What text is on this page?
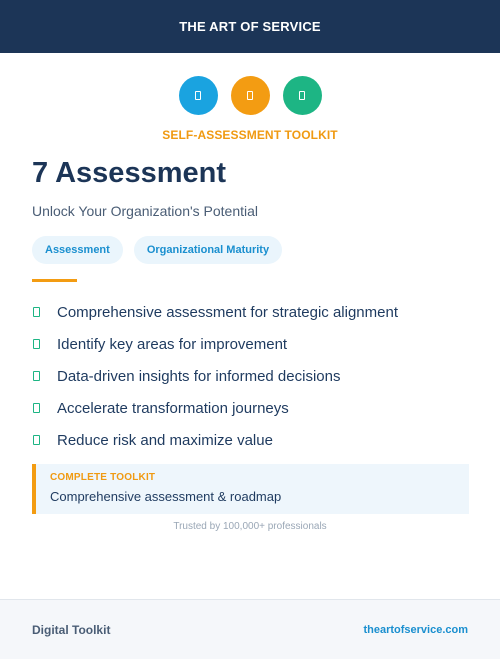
THE ART OF SERVICE
SELF-ASSESSMENT TOOLKIT
7 Assessment

Unlock Your Organization's Potential

Assessment	Organizational Maturity
Comprehensive assessment for strategic alignment
Identify key areas for improvement
Data-driven insights for informed decisions
Accelerate transformation journeys
Reduce risk and maximize value
COMPLETE TOOLKIT
Comprehensive assessment & roadmap
Trusted by 100,000+ professionals
Digital Toolkit	theartofservice.com
